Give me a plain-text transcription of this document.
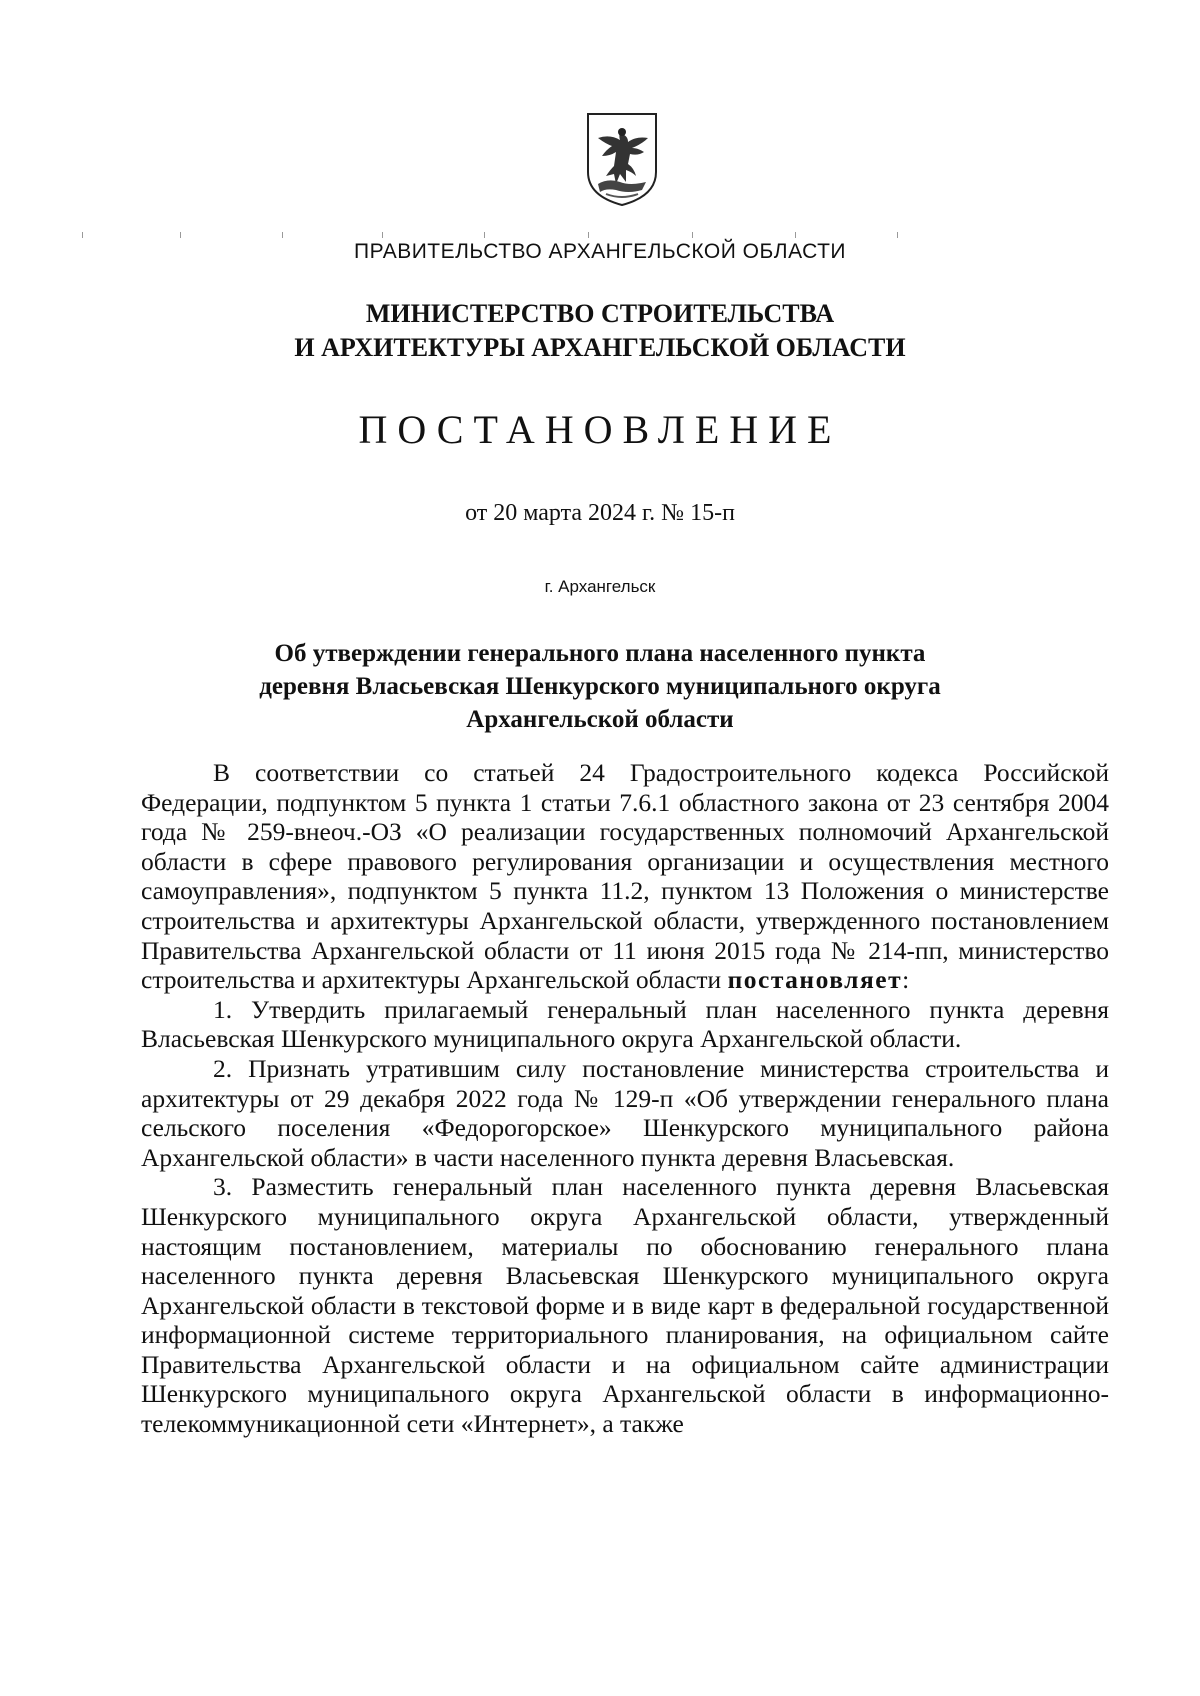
ПРАВИТЕЛЬСТВО АРХАНГЕЛЬСКОЙ ОБЛАСТИ
МИНИСТЕРСТВО СТРОИТЕЛЬСТВА
И АРХИТЕКТУРЫ АРХАНГЕЛЬСКОЙ ОБЛАСТИ
ПОСТАНОВЛЕНИЕ
от 20 марта 2024 г. № 15-п
г. Архангельск
Об утверждении генерального плана населенного пункта
деревня Власьевская Шенкурского муниципального округа
Архангельской области

В соответствии со статьей 24 Градостроительного кодекса Российской Федерации, подпунктом 5 пункта 1 статьи 7.6.1 областного закона от 23 сентября 2004 года № 259-внеоч.-ОЗ «О реализации государственных полномочий Архангельской области в сфере правового регулирования организации и осуществления местного самоуправления», подпунктом 5 пункта 11.2, пунктом 13 Положения о министерстве строительства и архитектуры Архангельской области, утвержденного постановлением Правительства Архангельской области от 11 июня 2015 года № 214-пп, министерство строительства и архитектуры Архангельской области постановляет:

1. Утвердить прилагаемый генеральный план населенного пункта деревня Власьевская Шенкурского муниципального округа Архангельской области.

2. Признать утратившим силу постановление министерства строительства и архитектуры от 29 декабря 2022 года № 129-п «Об утверждении генерального плана сельского поселения «Федорогорское» Шенкурского муниципального района Архангельской области» в части населенного пункта деревня Власьевская.

3. Разместить генеральный план населенного пункта деревня Власьевская Шенкурского муниципального округа Архангельской области, утвержденный настоящим постановлением, материалы по обоснованию генерального плана населенного пункта деревня Власьевская Шенкурского муниципального округа Архангельской области в текстовой форме и в виде карт в федеральной государственной информационной системе территориального планирования, на официальном сайте Правительства Архангельской области и на официальном сайте администрации Шенкурского муниципального округа Архангельской области в информационно-телекоммуникационной сети «Интернет», а также
